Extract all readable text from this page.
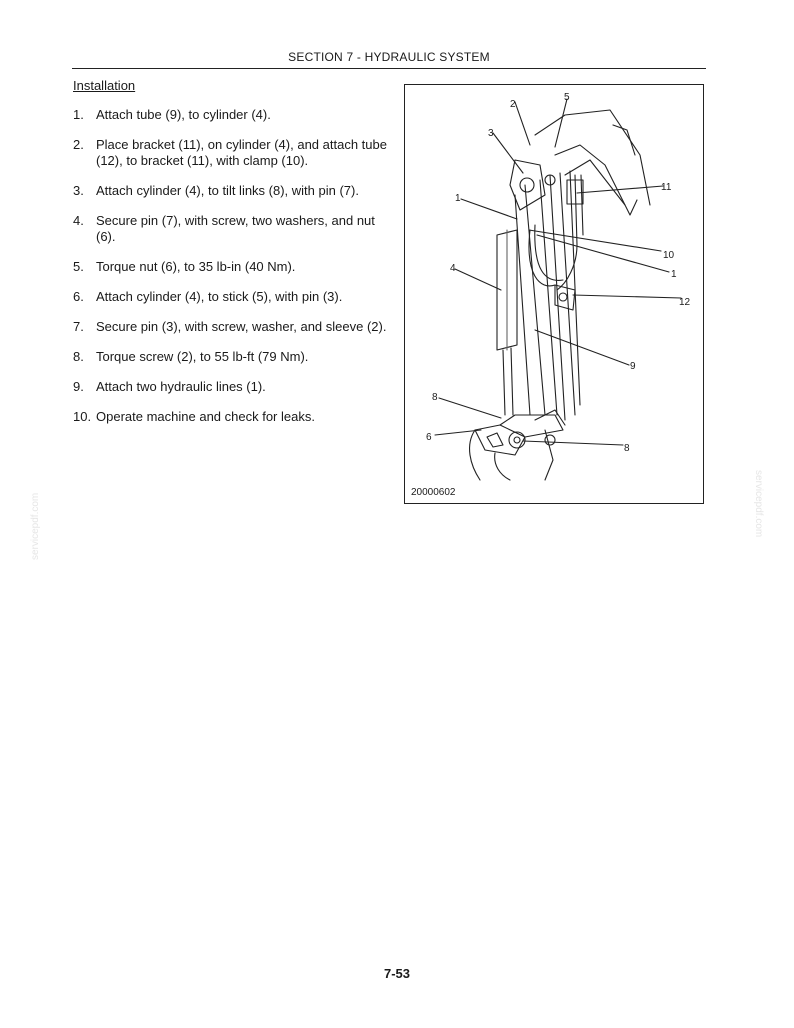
SECTION 7 - HYDRAULIC SYSTEM
Installation
1. Attach tube (9), to cylinder (4).
2. Place bracket (11), on cylinder (4), and attach tube (12), to bracket (11), with clamp (10).
3. Attach cylinder (4), to tilt links (8), with pin (7).
4. Secure pin (7), with screw, two washers, and nut (6).
5. Torque nut (6), to 35 lb-in (40 Nm).
6. Attach cylinder (4), to stick (5), with pin (3).
7. Secure pin (3), with screw, washer, and sleeve (2).
8. Torque screw (2), to 55 lb-ft (79 Nm).
9. Attach two hydraulic lines (1).
10. Operate machine and check for leaks.
2
5
3
11
1
10
1
4
12
9
8
6
8
20000602
7-53
servicepdf.com	servicepdf.com
